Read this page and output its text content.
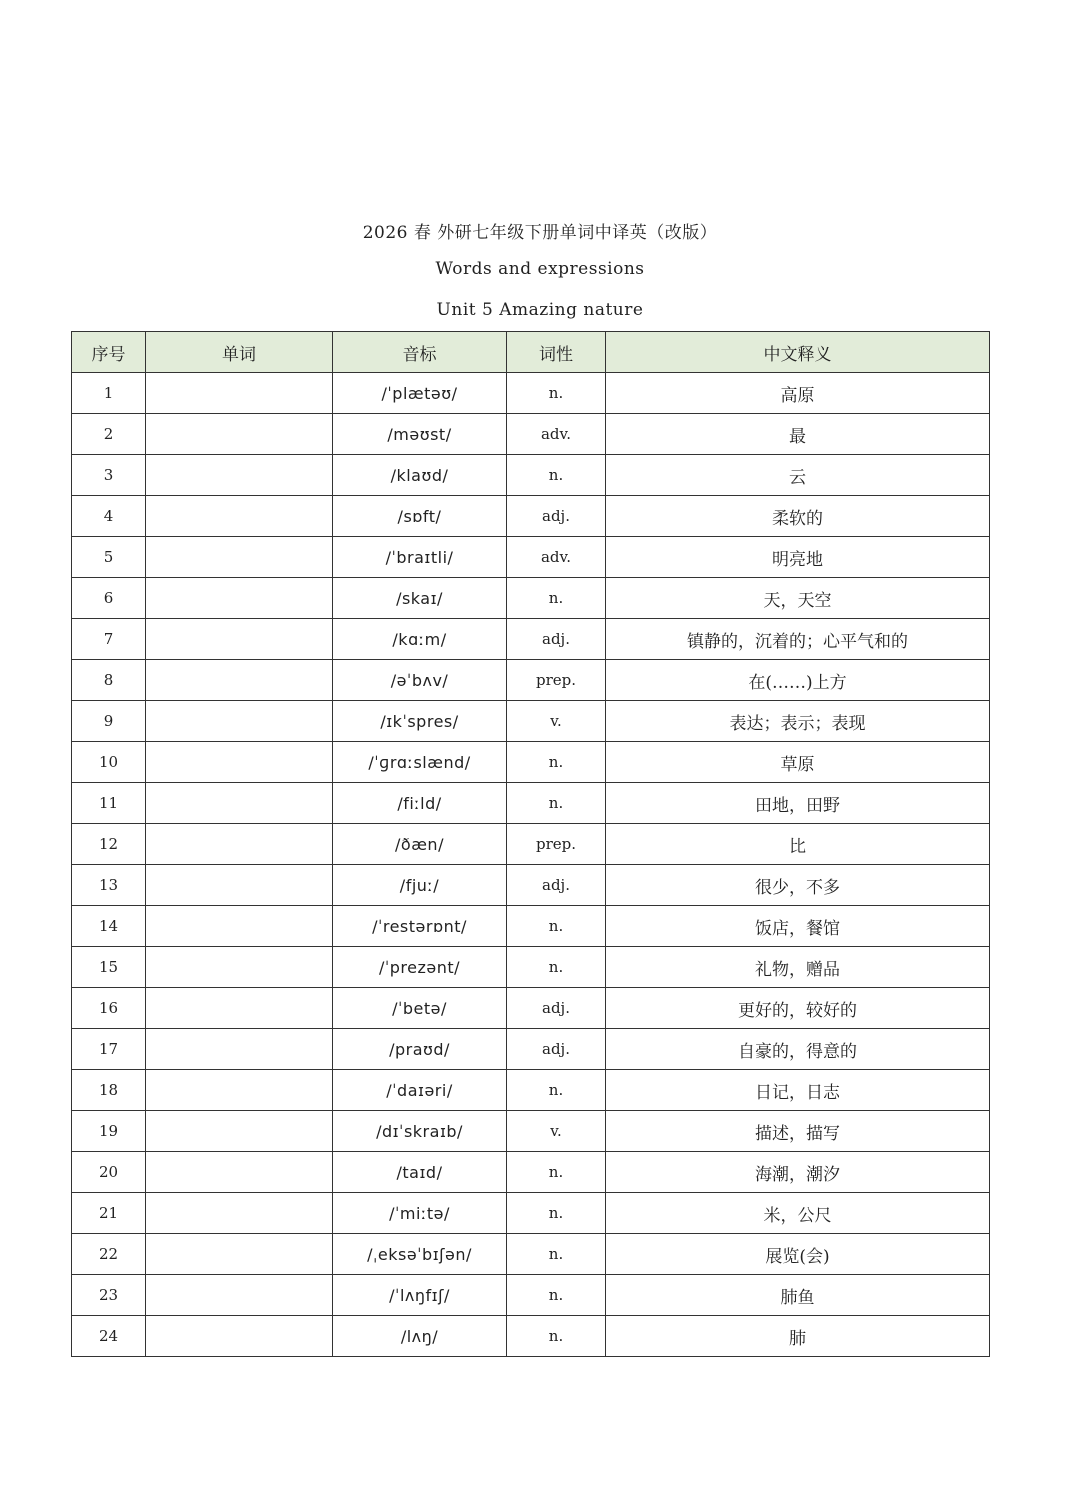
2026 春 外研七年级下册单词中译英（改版）
Words and expressions
Unit 5 Amazing nature
序号	单词	音标	词性	中文释义
1		/ˈplætəʊ/	n.	高原
2		/məʊst/	adv.	最
3		/klaʊd/	n.	云
4		/sɒft/	adj.	柔软的
5		/ˈbraɪtli/	adv.	明亮地
6		/skaɪ/	n.	天，天空
7		/kɑːm/	adj.	镇静的，沉着的；心平气和的
8		/əˈbʌv/	prep.	在(……)上方
9		/ɪkˈspres/	v.	表达；表示；表现
10		/ˈɡrɑːslænd/	n.	草原
11		/fiːld/	n.	田地，田野
12		/ðæn/	prep.	比
13		/fjuː/	adj.	很少，不多
14		/ˈrestərɒnt/	n.	饭店，餐馆
15		/ˈprezənt/	n.	礼物，赠品
16		/ˈbetə/	adj.	更好的，较好的
17		/praʊd/	adj.	自豪的，得意的
18		/ˈdaɪəri/	n.	日记，日志
19		/dɪˈskraɪb/	v.	描述，描写
20		/taɪd/	n.	海潮，潮汐
21		/ˈmiːtə/	n.	米，公尺
22		/ˌeksəˈbɪʃən/	n.	展览(会)
23		/ˈlʌŋfɪʃ/	n.	肺鱼
24		/lʌŋ/	n.	肺
